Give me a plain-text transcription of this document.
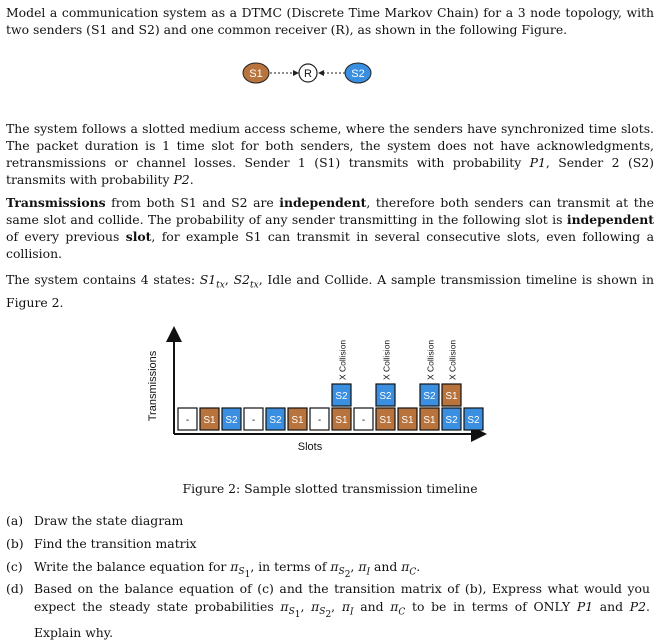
Model a communication system as a DTMC (Discrete Time Markov Chain) for a 3 node topology, with two senders (S1 and S2) and one common receiver (R), as shown in the following Figure.
S1	R	S2
The system follows a slotted medium access scheme, where the senders have synchronized time slots. The packet duration is 1 time slot for both senders, the system does not have acknowledgments, retransmissions or channel losses. Sender 1 (S1) transmits with probability P1, Sender 2 (S2) transmits with probability P2.
Transmissions from both S1 and S2 are independent, therefore both senders can transmit at the same slot and collide. The probability of any sender transmitting in the following slot is independent of every previous slot, for example S1 can transmit in several consecutive slots, even following a collision.
The system contains 4 states: $S1_{tx}$, $S2_{tx}$, Idle and Collide. A sample transmission timeline is shown in Figure 2.
Transmissions
Slots
- S1 S2 - S2 S1 - S1 - S1 S1 S1 S2 S2
S2
X Collision
S2
X Collision
S2
X Collision
S1
X Collision
Figure 2: Sample slotted transmission timeline
(a) Draw the state diagram
(b) Find the transition matrix
(c) Write the balance equation for $\pi_{S_1}$, in terms of $\pi_{S_2}$, $\pi_I$ and $\pi_C$.
(d) Based on the balance equation of (c) and the transition matrix of (b), Express what would you expect the steady state probabilities $\pi_{S_1}$, $\pi_{S_2}$, $\pi_I$ and $\pi_C$ to be in terms of ONLY P1 and P2. Explain why.
